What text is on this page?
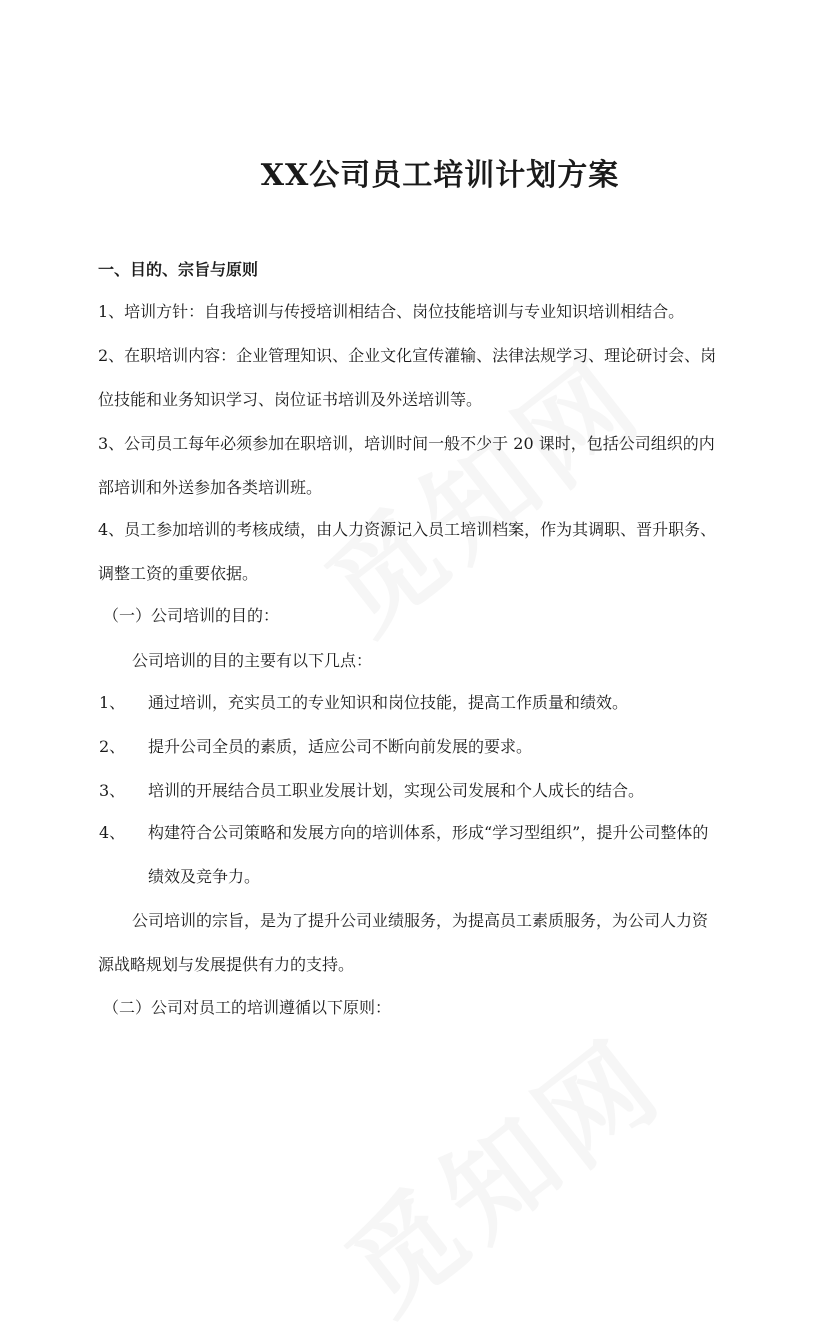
XX公司员工培训计划方案
一、目的、宗旨与原则
1、培训方针：自我培训与传授培训相结合、岗位技能培训与专业知识培训相结合。
2、在职培训内容：企业管理知识、企业文化宣传灌输、法律法规学习、理论研讨会、岗
位技能和业务知识学习、岗位证书培训及外送培训等。
3、公司员工每年必须参加在职培训，培训时间一般不少于 20 课时，包括公司组织的内
部培训和外送参加各类培训班。
4、员工参加培训的考核成绩，由人力资源记入员工培训档案，作为其调职、晋升职务、
调整工资的重要依据。
（一）公司培训的目的：
公司培训的目的主要有以下几点：
1、 通过培训，充实员工的专业知识和岗位技能，提高工作质量和绩效。
2、 提升公司全员的素质，适应公司不断向前发展的要求。
3、 培训的开展结合员工职业发展计划，实现公司发展和个人成长的结合。
4、 构建符合公司策略和发展方向的培训体系，形成“学习型组织”，提升公司整体的
绩效及竞争力。
公司培训的宗旨，是为了提升公司业绩服务，为提高员工素质服务，为公司人力资
源战略规划与发展提供有力的支持。
（二）公司对员工的培训遵循以下原则：
